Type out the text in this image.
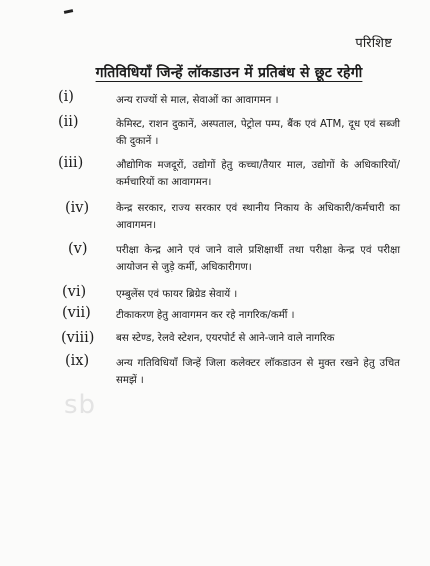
परिशिष्ट
गतिविधियाँ जिन्हें लॉकडाउन में प्रतिबंध से छूट रहेगी
(i)	अन्य राज्यों से माल, सेवाओं का आवागमन ।
(ii)	केमिस्ट, राशन दुकानें, अस्पताल, पेट्रोल पम्प, बैंक एवं ATM, दूध एवं सब्जी की दुकानें ।
(iii)	औद्योगिक मजदूरों, उद्योगों हेतु कच्चा/तैयार माल, उद्योगों के अधिकारियों/कर्मचारियों का आवागमन।
(iv)	केन्द्र सरकार, राज्य सरकार एवं स्थानीय निकाय के अधिकारी/कर्मचारी का आवागमन।
(v)	परीक्षा केन्द्र आने एवं जाने वाले प्रशिक्षार्थी तथा परीक्षा केन्द्र एवं परीक्षा आयोजन से जुड़े कर्मी, अधिकारीगण।
(vi)	एम्बुलेंस एवं फायर ब्रिग्रेड सेवायें ।
(vii) टीकाकरण हेतु आवागमन कर रहे नागरिक/कर्मी ।
(viii) बस स्टेण्ड, रेलवे स्टेशन, एयरपोर्ट से आने-जाने वाले नागरिक
(ix)	अन्य गतिविधियाँ जिन्हें जिला कलेक्टर लॉकडाउन से मुक्त रखने हेतु उचित समझें ।
sb
